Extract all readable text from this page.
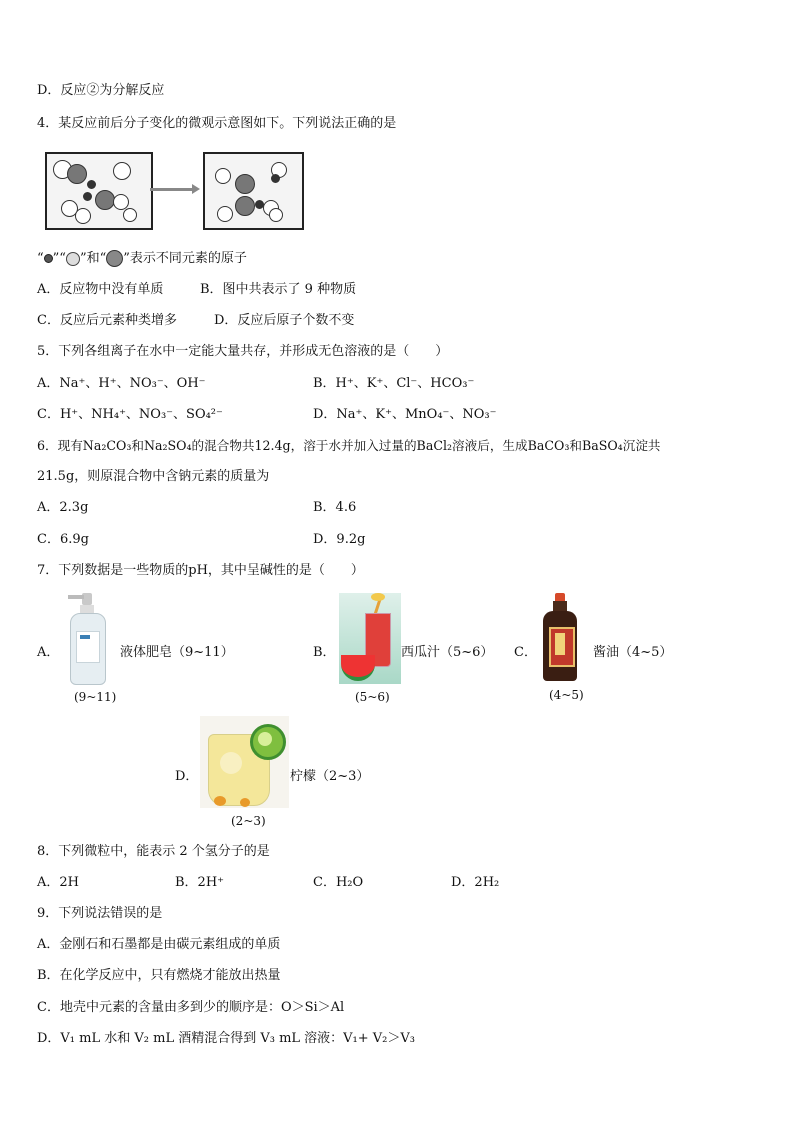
D．反应②为分解反应
4．某反应前后分子变化的微观示意图如下。下列说法正确的是
“ ”“ ”和“ ”表示不同元素的原子
A．反应物中没有单质	B．图中共表示了 9 种物质
C．反应后元素种类增多	D．反应后原子个数不变
5．下列各组离子在水中一定能大量共存，并形成无色溶液的是（　　）
A．Na⁺、H⁺、NO₃⁻、OH⁻	B．H⁺、K⁺、Cl⁻、HCO₃⁻
C．H⁺、NH₄⁺、NO₃⁻、SO₄²⁻	D．Na⁺、K⁺、MnO₄⁻、NO₃⁻
6．现有Na₂CO₃和Na₂SO₄的混合物共12.4g，溶于水并加入过量的BaCl₂溶液后，生成BaCO₃和BaSO₄沉淀共
21.5g，则原混合物中含钠元素的质量为
A．2.3g	B．4.6
C．6.9g	D．9.2g
7．下列数据是一些物质的pH，其中呈碱性的是（　　）
A．	液体肥皂（9~11）
(9~11)
B．	西瓜汁（5~6）
(5~6)
C．	酱油（4~5）
(4~5)
D．	柠檬（2~3）
(2~3)
8．下列微粒中，能表示 2 个氢分子的是
A．2H	B．2H⁺	C．H₂O	D．2H₂
9．下列说法错误的是
A．金刚石和石墨都是由碳元素组成的单质
B．在化学反应中，只有燃烧才能放出热量
C．地壳中元素的含量由多到少的顺序是：O＞Si＞Al
D．V₁ mL 水和 V₂ mL 酒精混合得到 V₃ mL 溶液：V₁+ V₂＞V₃
